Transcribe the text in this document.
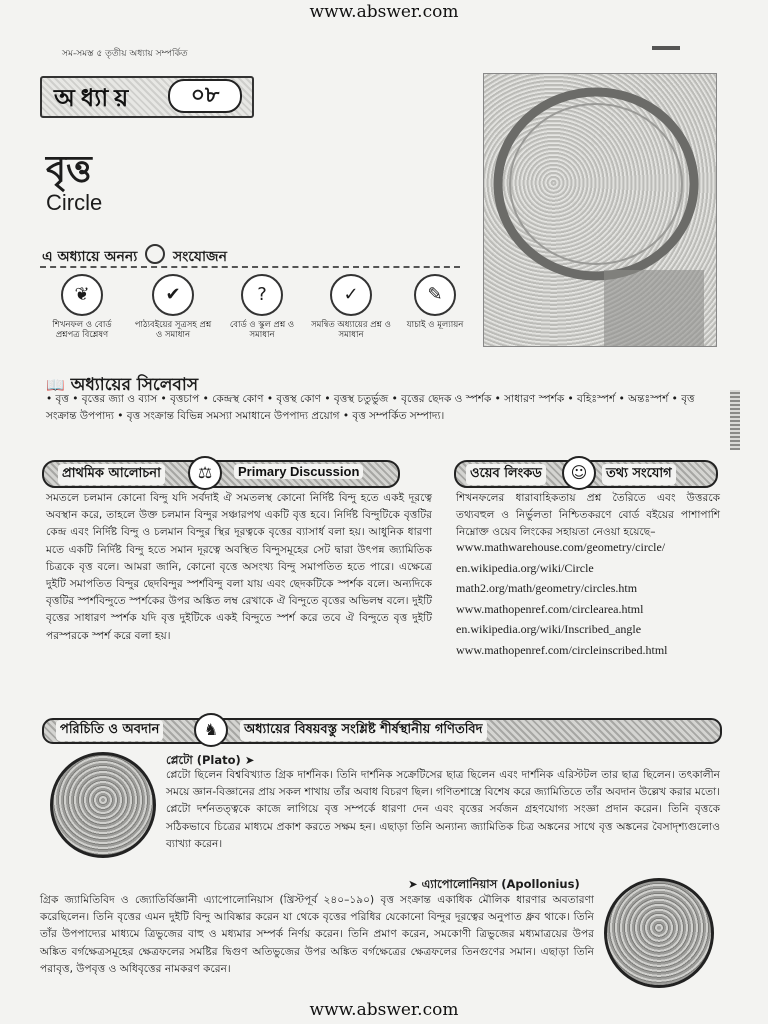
www.abswer.com
সম-সমস্ত ৫ তৃতীয় অধ্যায় সম্পর্কিত
অধ্যায়	০৮
বৃত্ত
Circle
এ অধ্যায়ে অনন্য	সংযোজন
❦
শিখনফল ও বোর্ড প্রশ্নপত্র বিশ্লেষণ
✔
পাঠ্যবইয়ের সূত্রসহ প্রশ্ন ও সমাধান
?
বোর্ড ও স্কুল প্রশ্ন ও সমাধান
✓
সমন্বিত অধ্যায়ের প্রশ্ন ও সমাধান
✎
যাচাই ও মূল্যায়ন
📖 অধ্যায়ের সিলেবাস
• বৃত্ত • বৃত্তের জ্যা ও ব্যাস • বৃত্তচাপ • কেন্দ্রস্থ কোণ • বৃত্তস্থ কোণ • বৃত্তস্থ চতুর্ভুজ • বৃত্তের ছেদক ও স্পর্শক • সাধারণ স্পর্শক • বহিঃস্পর্শ • অন্তঃস্পর্শ • বৃত্ত সংক্রান্ত উপপাদ্য • বৃত্ত সংক্রান্ত বিভিন্ন সমস্যা সমাধানে উপপাদ্য প্রয়োগ • বৃত্ত সম্পর্কিত সম্পাদ্য।
প্রাথমিক আলোচনা	⚖	Primary Discussion
সমতলে চলমান কোনো বিন্দু যদি সর্বদাই ঐ সমতলস্থ কোনো নির্দিষ্ট বিন্দু হতে একই দূরত্বে অবস্থান করে, তাহলে উক্ত চলমান বিন্দুর সঞ্চারপথ একটি বৃত্ত হবে। নির্দিষ্ট বিন্দুটিকে বৃত্তটির কেন্দ্র এবং নির্দিষ্ট বিন্দু ও চলমান বিন্দুর স্থির দূরত্বকে বৃত্তের ব্যাসার্ধ বলা হয়। আধুনিক ধারণা মতে একটি নির্দিষ্ট বিন্দু হতে সমান দূরত্বে অবস্থিত বিন্দুসমূহের সেট দ্বারা উৎপন্ন জ্যামিতিক চিত্রকে বৃত্ত বলে। আমরা জানি, কোনো বৃত্তে অসংখ্য বিন্দু সমাপতিত হতে পারে। এক্ষেত্রে দুইটি সমাপতিত বিন্দুর ছেদবিন্দুর স্পর্শবিন্দু বলা যায় এবং ছেদকটিকে স্পর্শক বলে। অন্যদিকে বৃত্তটির স্পর্শবিন্দুতে স্পর্শকের উপর অঙ্কিত লম্ব রেখাকে ঐ বিন্দুতে বৃত্তের অভিলম্ব বলে। দুইটি বৃত্তের সাধারণ স্পর্শক যদি বৃত্ত দুইটিকে একই বিন্দুতে স্পর্শ করে তবে ঐ বিন্দুতে বৃত্ত দুইটি পরস্পরকে স্পর্শ করে বলা হয়।
ওয়েব লিংকড	☺	তথ্য সংযোগ
শিখনফলের ধারাবাহিকতায় প্রশ্ন তৈরিতে এবং উত্তরকে তথ্যবহুল ও নির্ভুলতা নিশ্চিতকরণে বোর্ড বইয়ের পাশাপাশি নিম্নোক্ত ওয়েব লিংকের সহায়তা নেওয়া হয়েছে–
www.mathwarehouse.com/geometry/circle/
en.wikipedia.org/wiki/Circle
math2.org/math/geometry/circles.htm
www.mathopenref.com/circlearea.html
en.wikipedia.org/wiki/Inscribed_angle
www.mathopenref.com/circleinscribed.html
পরিচিতি ও অবদান	♞	অধ্যায়ের বিষয়বস্তু সংশ্লিষ্ট শীর্ষস্থানীয় গণিতবিদ
প্লেটো (Plato) ➤
প্লেটো ছিলেন বিশ্ববিখ্যাত গ্রিক দার্শনিক। তিনি দার্শনিক সক্রেটিসের ছাত্র ছিলেন এবং দার্শনিক এরিস্টটল তার ছাত্র ছিলেন। তৎকালীন সময়ে জ্ঞান-বিজ্ঞানের প্রায় সকল শাখায় তাঁর অবাধ বিচরণ ছিল। গণিতশাস্ত্রে বিশেষ করে জ্যামিতিতে তাঁর অবদান উল্লেখ করার মতো। প্লেটো দর্শনতত্ত্বকে কাজে লাগিয়ে বৃত্ত সম্পর্কে ধারণা দেন এবং বৃত্তের সর্বজন গ্রহণযোগ্য সংজ্ঞা প্রদান করেন। তিনি বৃত্তকে সঠিকভাবে চিত্রের মাধ্যমে প্রকাশ করতে সক্ষম হন। এছাড়া তিনি অন্যান্য জ্যামিতিক চিত্র অঙ্কনের সাথে বৃত্ত অঙ্কনের বৈসাদৃশ্যগুলোও ব্যাখ্যা করেন।
➤ এ্যাপোলোনিয়াস (Apollonius)
গ্রিক জ্যামিতিবিদ ও জ্যোতির্বিজ্ঞানী এ্যাপোলোনিয়াস (খ্রিস্টপূর্ব ২৪০–১৯০) বৃত্ত সংক্রান্ত একাধিক মৌলিক ধারণার অবতারণা করেছিলেন। তিনি বৃত্তের এমন দুইটি বিন্দু আবিষ্কার করেন যা থেকে বৃত্তের পরিধির যেকোনো বিন্দুর দূরত্বের অনুপাত ধ্রুব থাকে। তিনি তাঁর উপপাদ্যের মাধ্যমে ত্রিভুজের বাহু ও মধ্যমার সম্পর্ক নির্ণয় করেন। তিনি প্রমাণ করেন, সমকোণী ত্রিভুজের মধ্যমাত্রয়ের উপর অঙ্কিত বর্গক্ষেত্রসমূহের ক্ষেত্রফলের সমষ্টির দ্বিগুণ অতিভুজের উপর অঙ্কিত বর্গক্ষেত্রের ক্ষেত্রফলের তিনগুণের সমান। এছাড়া তিনি পরাবৃত্ত, উপবৃত্ত ও অধিবৃত্তের নামকরণ করেন।
www.abswer.com
